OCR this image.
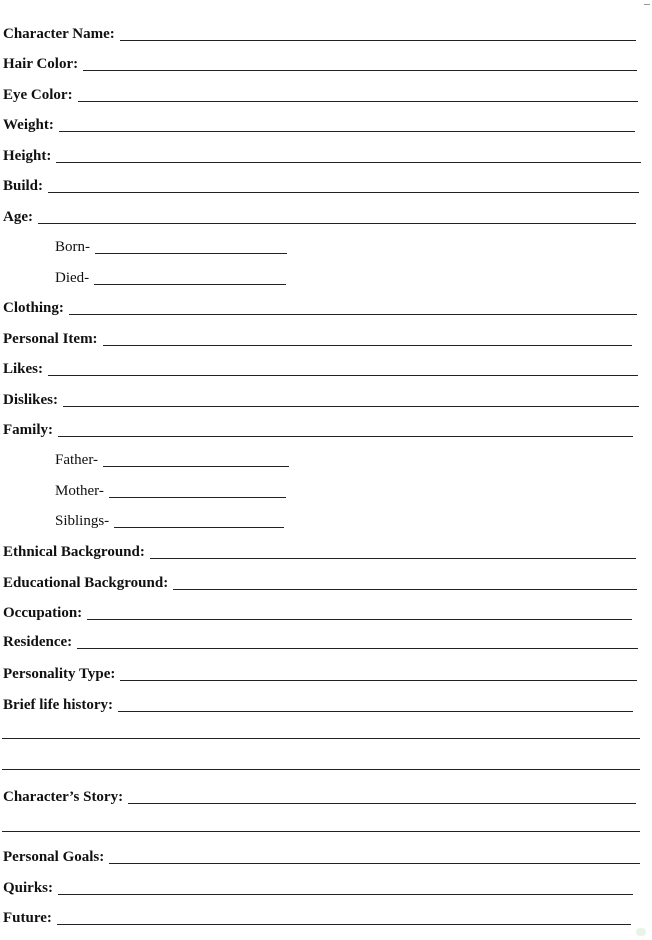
Character Name:
Hair Color:
Eye Color:
Weight:
Height:
Build:
Age:
Born-
Died-
Clothing:
Personal Item:
Likes:
Dislikes:
Family:
Father-
Mother-
Siblings-
Ethnical Background:
Educational Background:
Occupation:
Residence:
Personality Type:
Brief life history:
Character’s Story:
Personal Goals:
Quirks:
Future:
